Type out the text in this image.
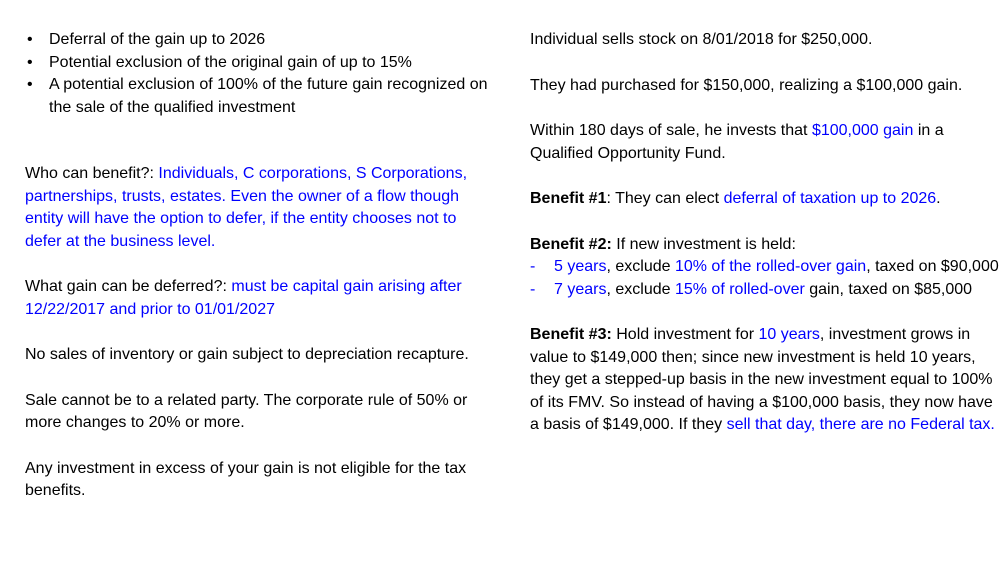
• Deferral of the gain up to 2026
• Potential exclusion of the original gain of up to 15%
• A potential exclusion of 100% of the future gain recognized on the sale of the qualified investment

Who can benefit?: Individuals, C corporations, S Corporations, partnerships, trusts, estates. Even the owner of a flow though entity will have the option to defer, if the entity chooses not to defer at the business level.

What gain can be deferred?: must be capital gain arising after 12/22/2017 and prior to 01/01/2027

No sales of inventory or gain subject to depreciation recapture.

Sale cannot be to a related party. The corporate rule of 50% or more changes to 20% or more.

Any investment in excess of your gain is not eligible for the tax benefits.

Individual sells stock on 8/01/2018 for $250,000.

They had purchased for $150,000, realizing a $100,000 gain.

Within 180 days of sale, he invests that $100,000 gain in a Qualified Opportunity Fund.

Benefit #1: They can elect deferral of taxation up to 2026.

Benefit #2: If new investment is held:

- 5 years, exclude 10% of the rolled-over gain, taxed on $90,000
- 7 years, exclude 15% of rolled-over gain, taxed on $85,000

Benefit #3: Hold investment for 10 years, investment grows in value to $149,000 then; since new investment is held 10 years, they get a stepped-up basis in the new investment equal to 100% of its FMV. So instead of having a $100,000 basis, they now have a basis of $149,000. If they sell that day, there are no Federal tax.
